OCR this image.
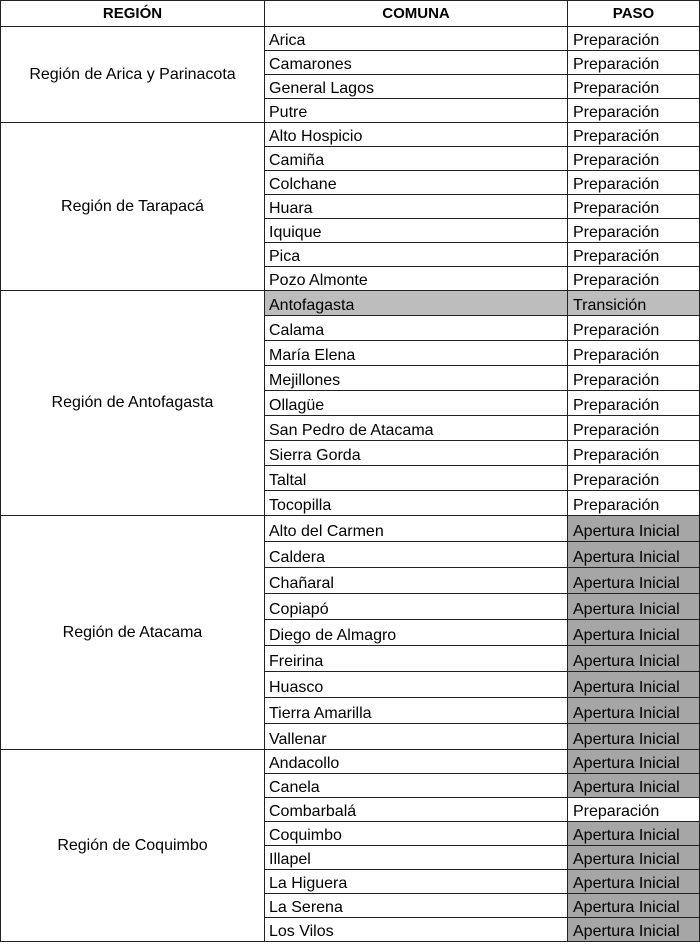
REGIÓN	COMUNA	PASO
Región de Arica y Parinacota	Arica	Preparación
	Camarones	Preparación
	General Lagos	Preparación
	Putre	Preparación
Región de Tarapacá	Alto Hospicio	Preparación
	Camiña	Preparación
	Colchane	Preparación
	Huara	Preparación
	Iquique	Preparación
	Pica	Preparación
	Pozo Almonte	Preparación
Región de Antofagasta	Antofagasta	Transición
	Calama	Preparación
	María Elena	Preparación
	Mejillones	Preparación
	Ollagüe	Preparación
	San Pedro de Atacama	Preparación
	Sierra Gorda	Preparación
	Taltal	Preparación
	Tocopilla	Preparación
Región de Atacama	Alto del Carmen	Apertura Inicial
	Caldera	Apertura Inicial
	Chañaral	Apertura Inicial
	Copiapó	Apertura Inicial
	Diego de Almagro	Apertura Inicial
	Freirina	Apertura Inicial
	Huasco	Apertura Inicial
	Tierra Amarilla	Apertura Inicial
	Vallenar	Apertura Inicial
Región de Coquimbo	Andacollo	Apertura Inicial
	Canela	Apertura Inicial
	Combarbalá	Preparación
	Coquimbo	Apertura Inicial
	Illapel	Apertura Inicial
	La Higuera	Apertura Inicial
	La Serena	Apertura Inicial
	Los Vilos	Apertura Inicial
